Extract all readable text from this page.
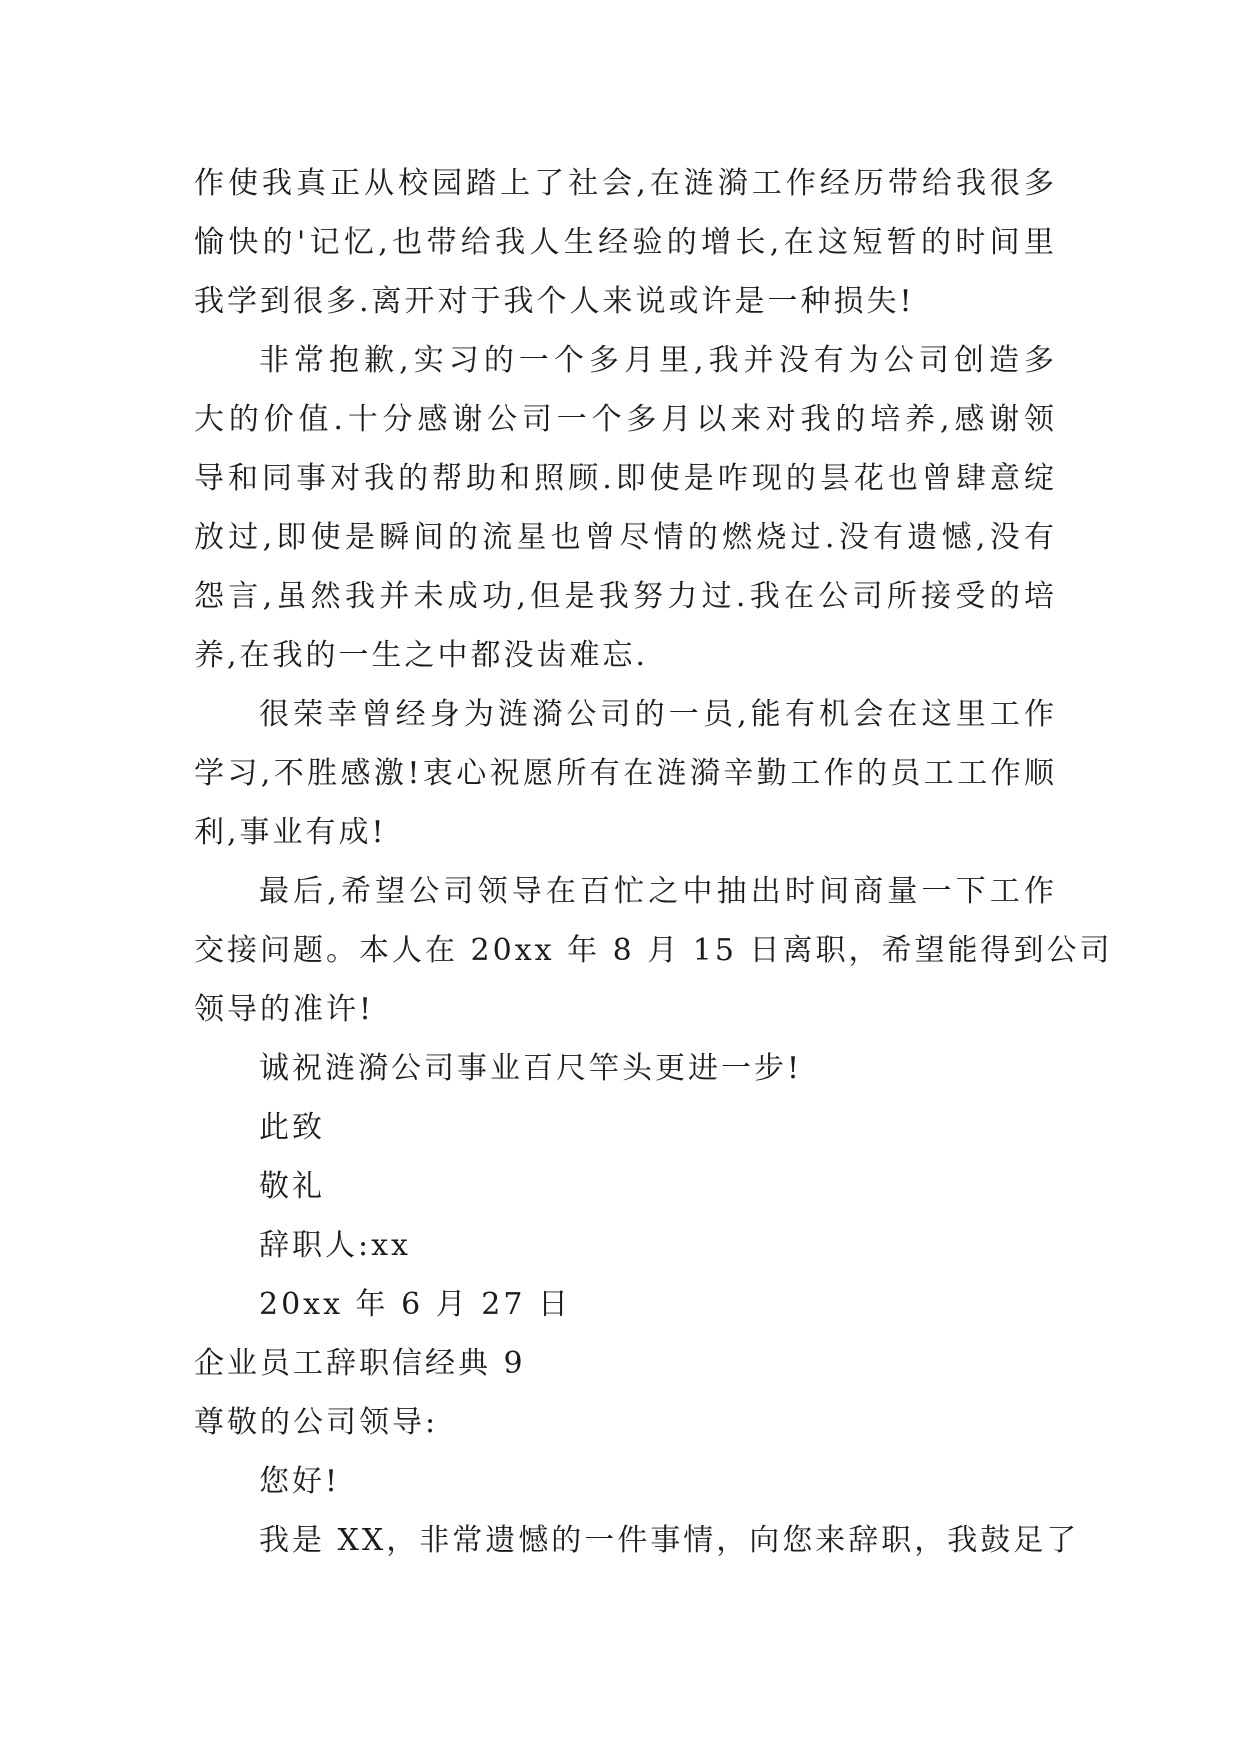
作使我真正从校园踏上了社会,在涟漪工作经历带给我很多
愉快的'记忆,也带给我人生经验的增长,在这短暂的时间里
我学到很多.离开对于我个人来说或许是一种损失!
非常抱歉,实习的一个多月里,我并没有为公司创造多
大的价值.十分感谢公司一个多月以来对我的培养,感谢领
导和同事对我的帮助和照顾.即使是咋现的昙花也曾肆意绽
放过,即使是瞬间的流星也曾尽情的燃烧过.没有遗憾,没有
怨言,虽然我并未成功,但是我努力过.我在公司所接受的培
养,在我的一生之中都没齿难忘.
很荣幸曾经身为涟漪公司的一员,能有机会在这里工作
学习,不胜感激!衷心祝愿所有在涟漪辛勤工作的员工工作顺
利,事业有成!
最后,希望公司领导在百忙之中抽出时间商量一下工作
交接问题。本人在 20xx 年 8 月 15 日离职，希望能得到公司
领导的准许!
诚祝涟漪公司事业百尺竿头更进一步!
此致
敬礼
辞职人:xx
20xx 年 6 月 27 日
企业员工辞职信经典 9
尊敬的公司领导:
您好!
我是 XX，非常遗憾的一件事情，向您来辞职，我鼓足了
